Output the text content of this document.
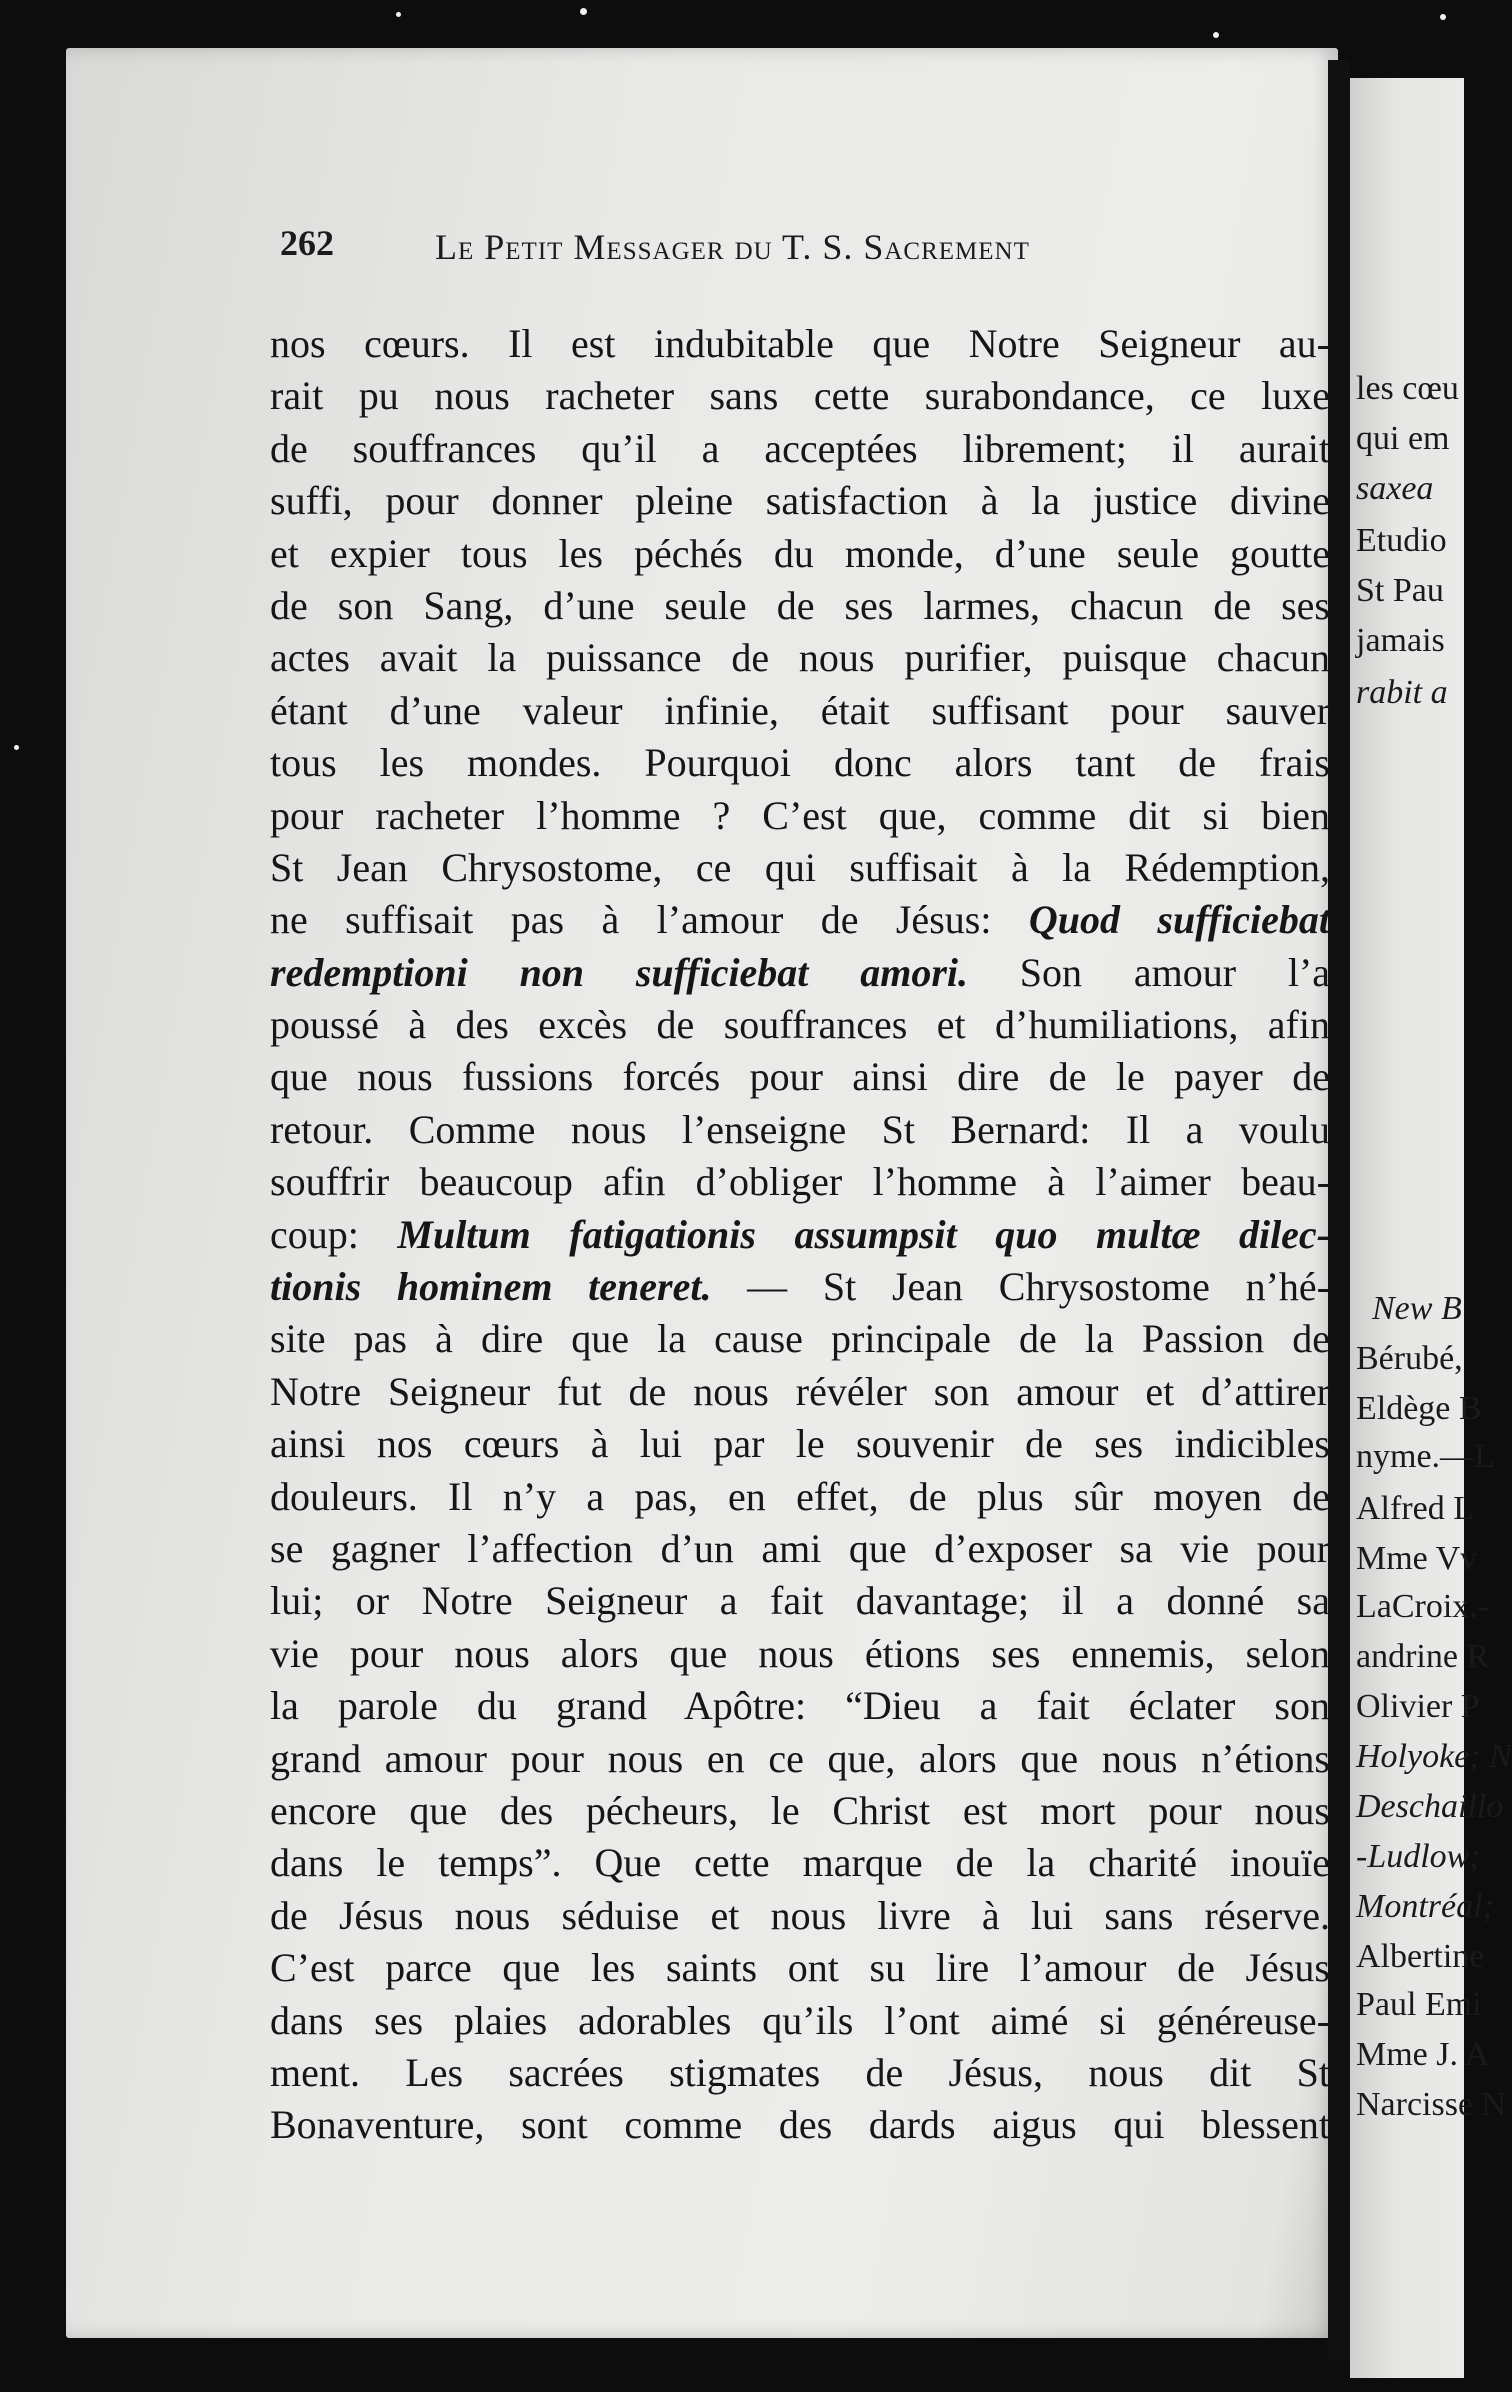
262	Le Petit Messager du T. S. Sacrement
nos cœurs. Il est indubitable que Notre Seigneur au-
rait pu nous racheter sans cette surabondance, ce luxe
de souffrances qu’il a acceptées librement; il aurait
suffi, pour donner pleine satisfaction à la justice divine
et expier tous les péchés du monde, d’une seule goutte
de son Sang, d’une seule de ses larmes, chacun de ses
actes avait la puissance de nous purifier, puisque chacun
étant d’une valeur infinie, était suffisant pour sauver
tous les mondes. Pourquoi donc alors tant de frais
pour racheter l’homme ? C’est que, comme dit si bien
St Jean Chrysostome, ce qui suffisait à la Rédemption,
ne suffisait pas à l’amour de Jésus: Quod sufficiebat
redemptioni non sufficiebat amori. Son amour l’a
poussé à des excès de souffrances et d’humiliations, afin
que nous fussions forcés pour ainsi dire de le payer de
retour. Comme nous l’enseigne St Bernard: Il a voulu
souffrir beaucoup afin d’obliger l’homme à l’aimer beau-
coup: Multum fatigationis assumpsit quo multæ dilec-
tionis hominem teneret. — St Jean Chrysostome n’hé-
site pas à dire que la cause principale de la Passion de
Notre Seigneur fut de nous révéler son amour et d’attirer
ainsi nos cœurs à lui par le souvenir de ses indicibles
douleurs. Il n’y a pas, en effet, de plus sûr moyen de
se gagner l’affection d’un ami que d’exposer sa vie pour
lui; or Notre Seigneur a fait davantage; il a donné sa
vie pour nous alors que nous étions ses ennemis, selon
la parole du grand Apôtre: “Dieu a fait éclater son
grand amour pour nous en ce que, alors que nous n’étions
encore que des pécheurs, le Christ est mort pour nous
dans le temps”. Que cette marque de la charité inouïe
de Jésus nous séduise et nous livre à lui sans réserve.
C’est parce que les saints ont su lire l’amour de Jésus
dans ses plaies adorables qu’ils l’ont aimé si généreuse-
ment. Les sacrées stigmates de Jésus, nous dit St
Bonaventure, sont comme des dards aigus qui blessent
les cœu
qui em
saxea
Etudio
St Pau
jamais
rabit a
New B
Bérubé,
Eldège B
nyme.—L
Alfred L
Mme Vv
LaCroix.-
andrine R
Olivier P
Holyoke; N
Deschaillo
-Ludlow;
Montréal;
Albertine
Paul Emi
Mme J. A
Narcisse N
